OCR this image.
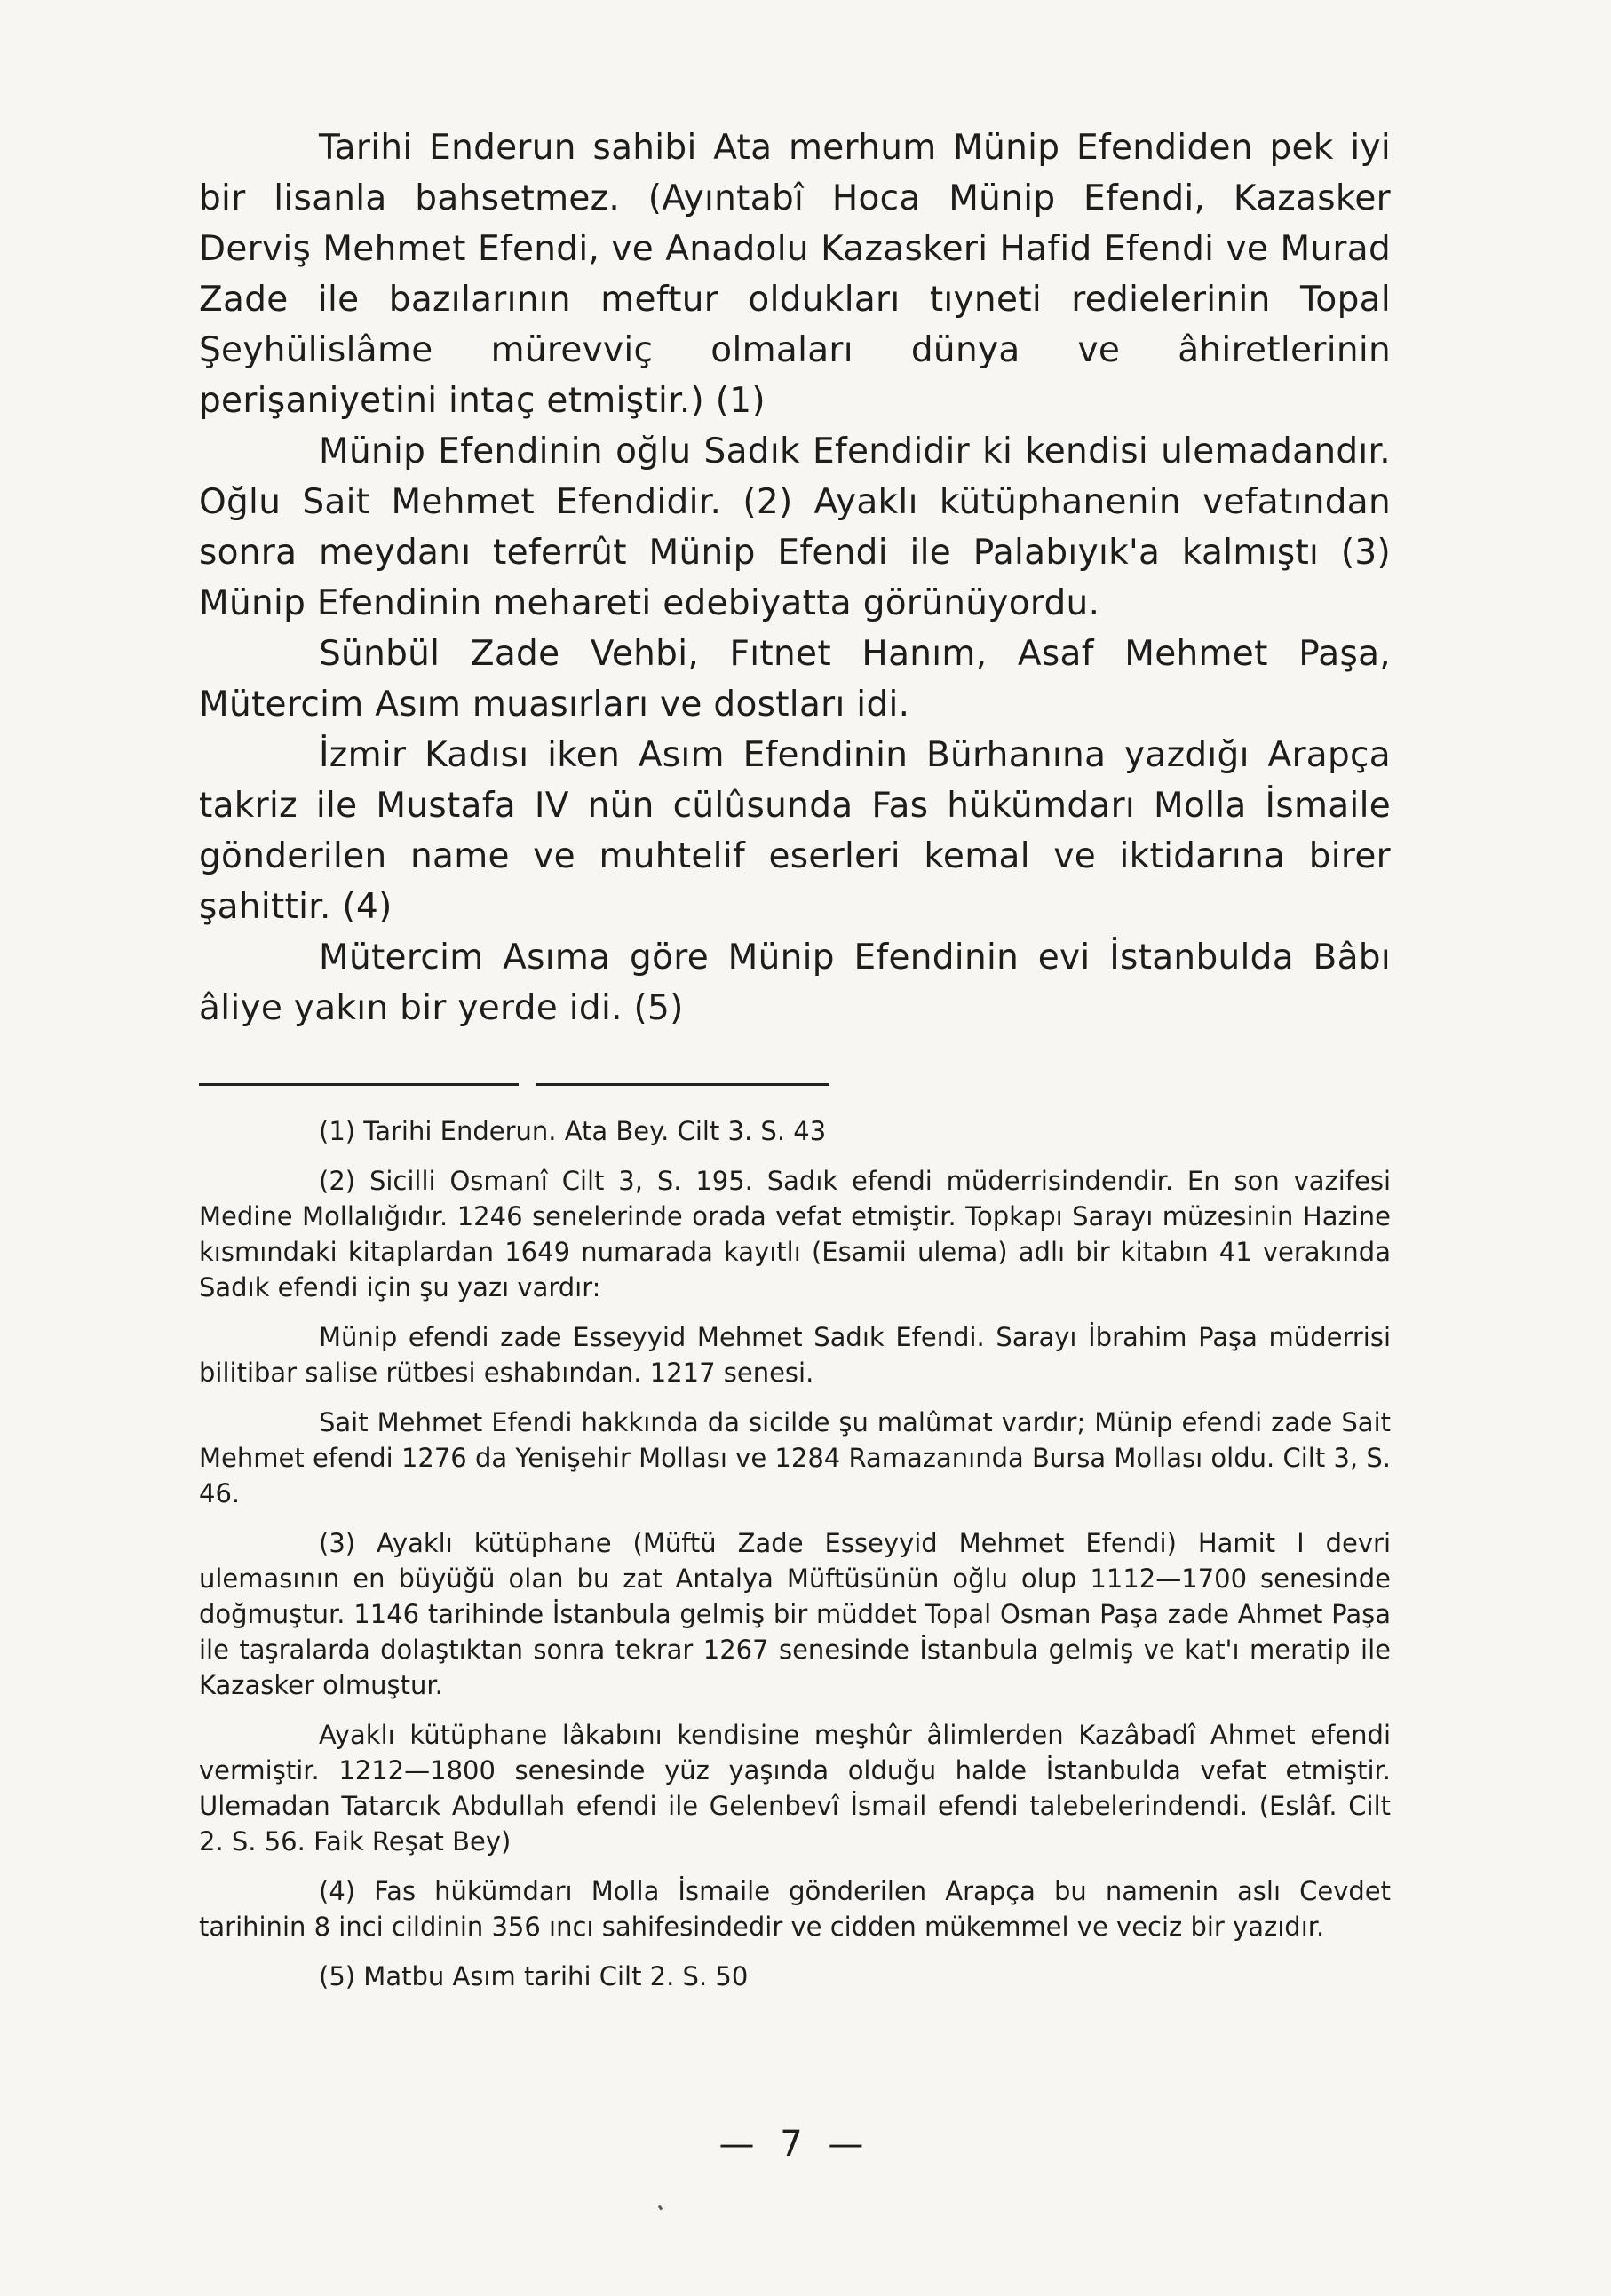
Tarihi Enderun sahibi Ata merhum Münip Efendiden pek iyi bir lisanla bahsetmez. (Ayıntabî Hoca Münip Efendi, Kazasker Derviş Mehmet Efendi, ve Anadolu Kazaskeri Hafid Efendi ve Murad Zade ile bazılarının meftur oldukları tıyneti redielerinin Topal Şeyhülislâme mürevviç olmaları dünya ve âhiretlerinin perişaniyetini intaç etmiştir.) (1)

Münip Efendinin oğlu Sadık Efendidir ki kendisi ulemadandır. Oğlu Sait Mehmet Efendidir. (2) Ayaklı kütüphanenin vefatından sonra meydanı teferrût Münip Efendi ile Palabıyık'a kalmıştı (3) Münip Efendinin mehareti edebiyatta görünüyordu.

Sünbül Zade Vehbi, Fıtnet Hanım, Asaf Mehmet Paşa, Mütercim Asım muasırları ve dostları idi.

İzmir Kadısı iken Asım Efendinin Bürhanına yazdığı Arapça takriz ile Mustafa IV nün cülûsunda Fas hükümdarı Molla İsmaile gönderilen name ve muhtelif eserleri kemal ve iktidarına birer şahittir. (4)

Mütercim Asıma göre Münip Efendinin evi İstanbulda Bâbı âliye yakın bir yerde idi. (5)

(1) Tarihi Enderun. Ata Bey. Cilt 3. S. 43

(2) Sicilli Osmanî Cilt 3, S. 195. Sadık efendi müderrisindendir. En son vazifesi Medine Mollalığıdır. 1246 senelerinde orada vefat etmiştir. Topkapı Sarayı müzesinin Hazine kısmındaki kitaplardan 1649 numarada kayıtlı (Esamii ulema) adlı bir kitabın 41 verakında Sadık efendi için şu yazı vardır:

Münip efendi zade Esseyyid Mehmet Sadık Efendi. Sarayı İbrahim Paşa müderrisi bilitibar salise rütbesi eshabından. 1217 senesi.

Sait Mehmet Efendi hakkında da sicilde şu malûmat vardır; Münip efendi zade Sait Mehmet efendi 1276 da Yenişehir Mollası ve 1284 Ramazanında Bursa Mollası oldu. Cilt 3, S. 46.

(3) Ayaklı kütüphane (Müftü Zade Esseyyid Mehmet Efendi) Hamit I devri ulemasının en büyüğü olan bu zat Antalya Müftüsünün oğlu olup 1112—1700 senesinde doğmuştur. 1146 tarihinde İstanbula gelmiş bir müddet Topal Osman Paşa zade Ahmet Paşa ile taşralarda dolaştıktan sonra tekrar 1267 senesinde İstanbula gelmiş ve kat'ı meratip ile Kazasker olmuştur.

Ayaklı kütüphane lâkabını kendisine meşhûr âlimlerden Kazâbadî Ahmet efendi vermiştir. 1212—1800 senesinde yüz yaşında olduğu halde İstanbulda vefat etmiştir. Ulemadan Tatarcık Abdullah efendi ile Gelenbevî İsmail efendi talebelerindendi. (Eslâf. Cilt 2. S. 56. Faik Reşat Bey)

(4) Fas hükümdarı Molla İsmaile gönderilen Arapça bu namenin aslı Cevdet tarihinin 8 inci cildinin 356 ıncı sahifesindedir ve cidden mükemmel ve veciz bir yazıdır.

(5) Matbu Asım tarihi Cilt 2. S. 50

— 7 —
